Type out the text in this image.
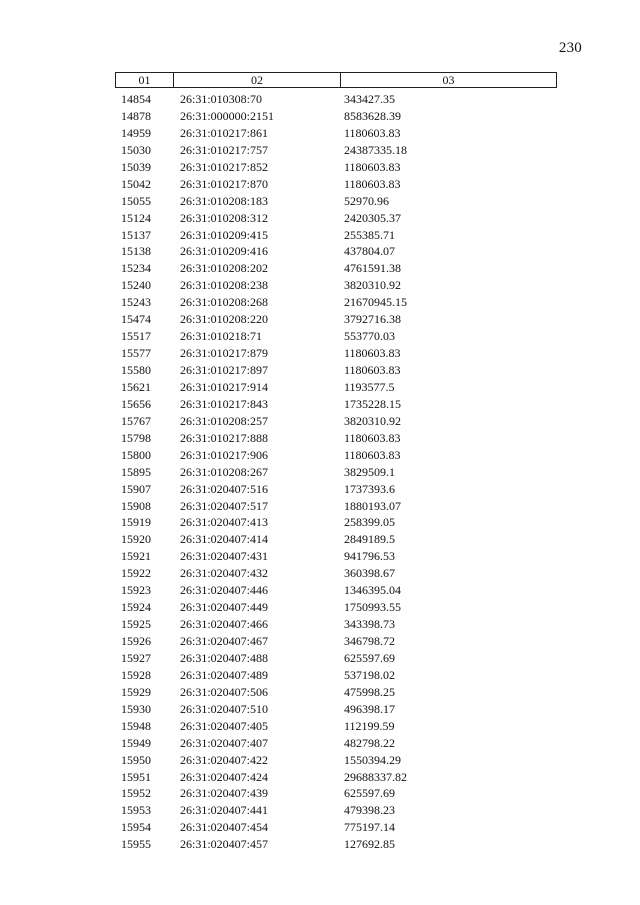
230
01	02	03
14854	26:31:010308:70	343427.35
14878	26:31:000000:2151	8583628.39
14959	26:31:010217:861	1180603.83
15030	26:31:010217:757	24387335.18
15039	26:31:010217:852	1180603.83
15042	26:31:010217:870	1180603.83
15055	26:31:010208:183	52970.96
15124	26:31:010208:312	2420305.37
15137	26:31:010209:415	255385.71
15138	26:31:010209:416	437804.07
15234	26:31:010208:202	4761591.38
15240	26:31:010208:238	3820310.92
15243	26:31:010208:268	21670945.15
15474	26:31:010208:220	3792716.38
15517	26:31:010218:71	553770.03
15577	26:31:010217:879	1180603.83
15580	26:31:010217:897	1180603.83
15621	26:31:010217:914	1193577.5
15656	26:31:010217:843	1735228.15
15767	26:31:010208:257	3820310.92
15798	26:31:010217:888	1180603.83
15800	26:31:010217:906	1180603.83
15895	26:31:010208:267	3829509.1
15907	26:31:020407:516	1737393.6
15908	26:31:020407:517	1880193.07
15919	26:31:020407:413	258399.05
15920	26:31:020407:414	2849189.5
15921	26:31:020407:431	941796.53
15922	26:31:020407:432	360398.67
15923	26:31:020407:446	1346395.04
15924	26:31:020407:449	1750993.55
15925	26:31:020407:466	343398.73
15926	26:31:020407:467	346798.72
15927	26:31:020407:488	625597.69
15928	26:31:020407:489	537198.02
15929	26:31:020407:506	475998.25
15930	26:31:020407:510	496398.17
15948	26:31:020407:405	112199.59
15949	26:31:020407:407	482798.22
15950	26:31:020407:422	1550394.29
15951	26:31:020407:424	29688337.82
15952	26:31:020407:439	625597.69
15953	26:31:020407:441	479398.23
15954	26:31:020407:454	775197.14
15955	26:31:020407:457	127692.85
